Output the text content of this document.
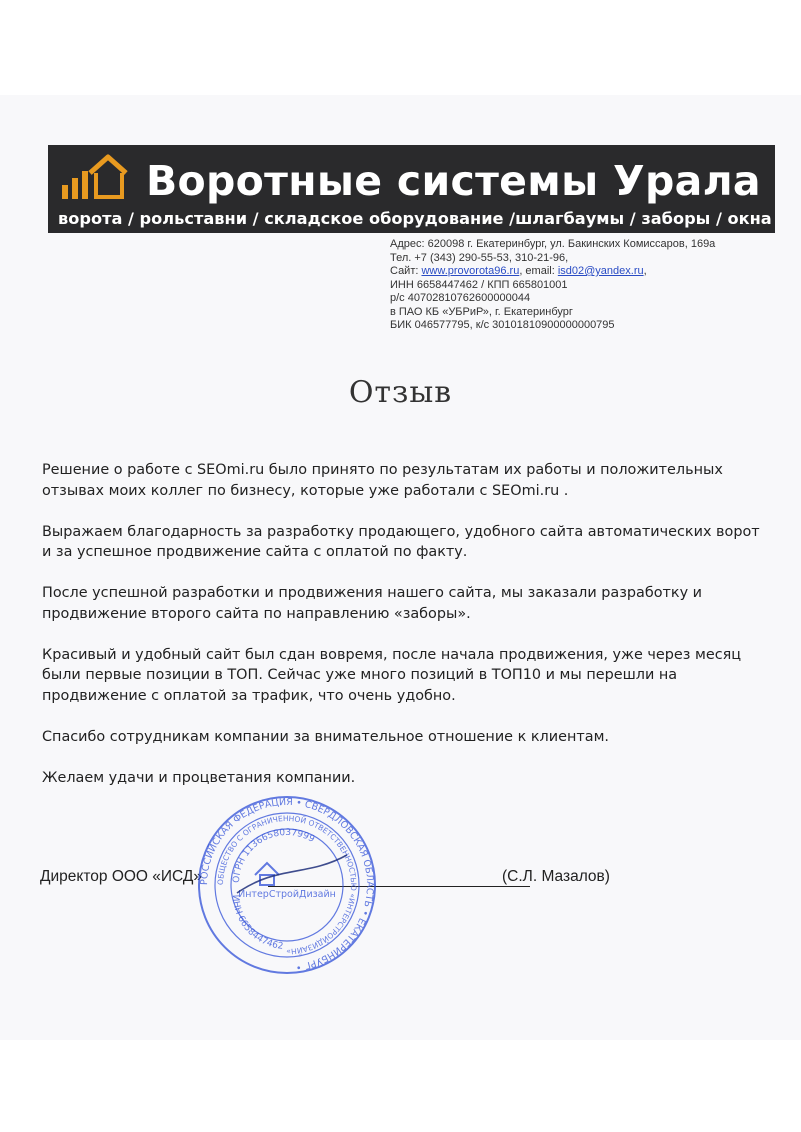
Воротные системы Урала
ворота / рольставни / складское оборудование /шлагбаумы / заборы / окна
Адрес: 620098 г. Екатеринбург, ул. Бакинских Комиссаров, 169а
Тел. +7 (343) 290-55-53, 310-21-96,
Сайт: www.provorota96.ru, email: isd02@yandex.ru,
ИНН 6658447462 / КПП 665801001
р/с 40702810762600000044
в ПАО КБ «УБРиР», г. Екатеринбург
БИК 046577795, к/с 30101810900000000795
Отзыв

Решение о работе с SEOmi.ru было принято по результатам их работы и положительных отзывах моих коллег по бизнесу, которые уже работали с SEOmi.ru .

Выражаем благодарность за разработку продающего, удобного сайта автоматических ворот и за успешное продвижение сайта с оплатой по факту.

После успешной разработки и продвижения нашего сайта, мы заказали разработку и продвижение второго сайта по направлению «заборы».

Красивый и удобный сайт был сдан вовремя, после начала продвижения, уже через месяц были первые позиции в ТОП. Сейчас уже много позиций в ТОП10 и мы перешли на продвижение с оплатой за трафик, что очень удобно.

Спасибо сотрудникам компании за внимательное отношение к клиентам.

Желаем удачи и процветания компании.

Директор ООО «ИСД»	(С.Л. Мазалов)
РОССИЙСКАЯ ФЕДЕРАЦИЯ • СВЕРДЛОВСКАЯ ОБЛАСТЬ • ЕКАТЕРИНБУРГ •
ОБЩЕСТВО С ОГРАНИЧЕННОЙ ОТВЕТСТВЕННОСТЬЮ «ИНТЕРСТРОЙДИЗАЙН»
ОГРН 1136658037999
ИНН 6658447462
ИнтерСтройДизайн
